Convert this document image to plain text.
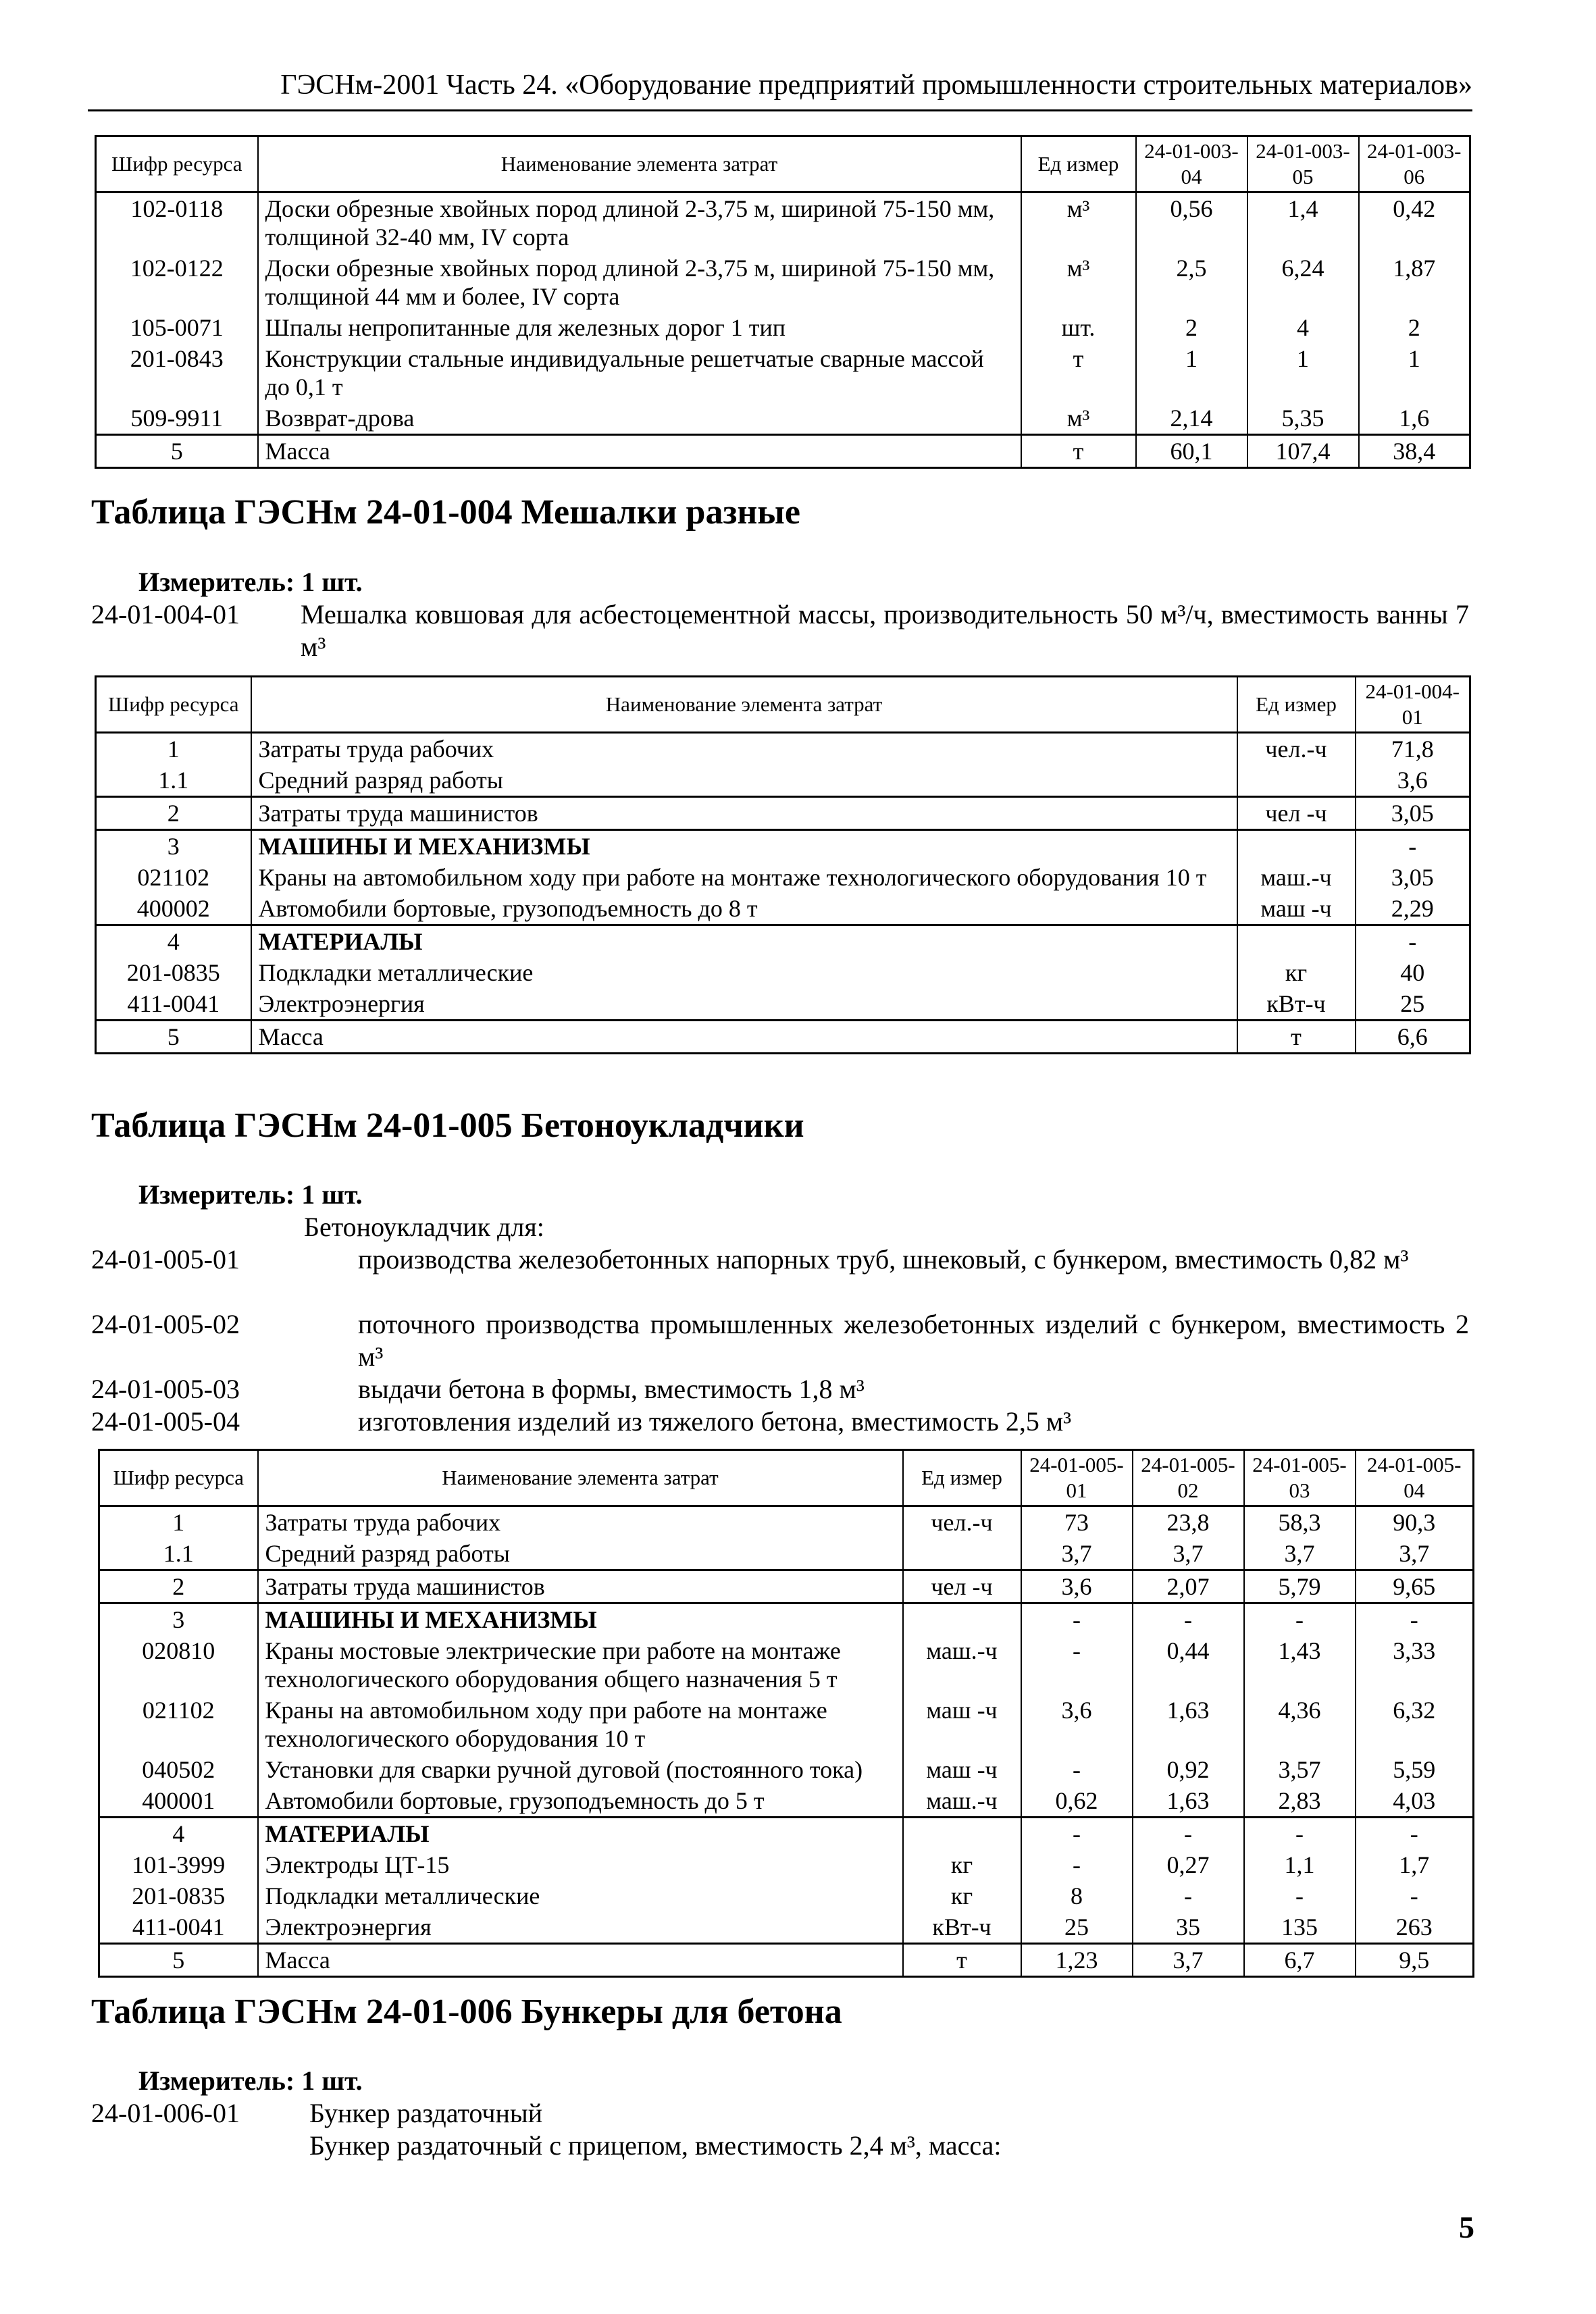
ГЭСНм-2001 Часть 24. «Оборудование предприятий промышленности строительных материалов»
Шифр ресурса	Наименование элемента затрат	Ед измер	24-01-003-04	24-01-003-05	24-01-003-06
102-0118	Доски обрезные хвойных пород длиной 2-3,75 м, шириной 75-150 мм, толщиной 32-40 мм, IV сорта	м³	0,56	1,4	0,42
102-0122	Доски обрезные хвойных пород длиной 2-3,75 м, шириной 75-150 мм, толщиной 44 мм и более, IV сорта	м³	2,5	6,24	1,87
105-0071	Шпалы непропитанные для железных дорог 1 тип	шт.	2	4	2
201-0843	Конструкции стальные индивидуальные решетчатые сварные массой до 0,1 т	т	1	1	1
509-9911	Возврат-дрова	м³	2,14	5,35	1,6
5	Масса	т	60,1	107,4	38,4
Таблица ГЭСНм 24-01-004 Мешалки разные
Измеритель: 1 шт.
24-01-004-01 Мешалка ковшовая для асбестоцементной массы, производительность 50 м³/ч, вместимость ванны 7 м³
Шифр ресурса	Наименование элемента затрат	Ед измер	24-01-004-01
1	Затраты труда рабочих	чел.-ч	71,8
1.1	Средний разряд работы		3,6
2	Затраты труда машинистов	чел -ч	3,05
3	МАШИНЫ И МЕХАНИЗМЫ		-
021102	Краны на автомобильном ходу при работе на монтаже технологического оборудования 10 т	маш.-ч	3,05
400002	Автомобили бортовые, грузоподъемность до 8 т	маш -ч	2,29
4	МАТЕРИАЛЫ		-
201-0835	Подкладки металлические	кг	40
411-0041	Электроэнергия	кВт-ч	25
5	Масса	т	6,6
Таблица ГЭСНм 24-01-005 Бетоноукладчики
Измеритель: 1 шт.
Бетоноукладчик для:
24-01-005-01	производства железобетонных напорных труб, шнековый, с бункером, вместимость 0,82 м³
24-01-005-02	поточного производства промышленных железобетонных изделий с бункером, вместимость 2 м³
24-01-005-03	выдачи бетона в формы, вместимость 1,8 м³
24-01-005-04	изготовления изделий из тяжелого бетона, вместимость 2,5 м³
Шифр ресурса	Наименование элемента затрат	Ед измер	24-01-005-01	24-01-005-02	24-01-005-03	24-01-005-04
1	Затраты труда рабочих	чел.-ч	73	23,8	58,3	90,3
1.1	Средний разряд работы		3,7	3,7	3,7	3,7
2	Затраты труда машинистов	чел -ч	3,6	2,07	5,79	9,65
3	МАШИНЫ И МЕХАНИЗМЫ		-	-	-	-
020810	Краны мостовые электрические при работе на монтаже технологического оборудования общего назначения 5 т	маш.-ч	-	0,44	1,43	3,33
021102	Краны на автомобильном ходу при работе на монтаже технологического оборудования 10 т	маш -ч	3,6	1,63	4,36	6,32
040502	Установки для сварки ручной дуговой (постоянного тока)	маш -ч	-	0,92	3,57	5,59
400001	Автомобили бортовые, грузоподъемность до 5 т	маш.-ч	0,62	1,63	2,83	4,03
4	МАТЕРИАЛЫ		-	-	-	-
101-3999	Электроды ЦТ-15	кг	-	0,27	1,1	1,7
201-0835	Подкладки металлические	кг	8	-	-	-
411-0041	Электроэнергия	кВт-ч	25	35	135	263
5	Масса	т	1,23	3,7	6,7	9,5
Таблица ГЭСНм 24-01-006 Бункеры для бетона
Измеритель: 1 шт.
24-01-006-01	Бункер раздаточный
Бункер раздаточный с прицепом, вместимость 2,4 м³, масса:
5
